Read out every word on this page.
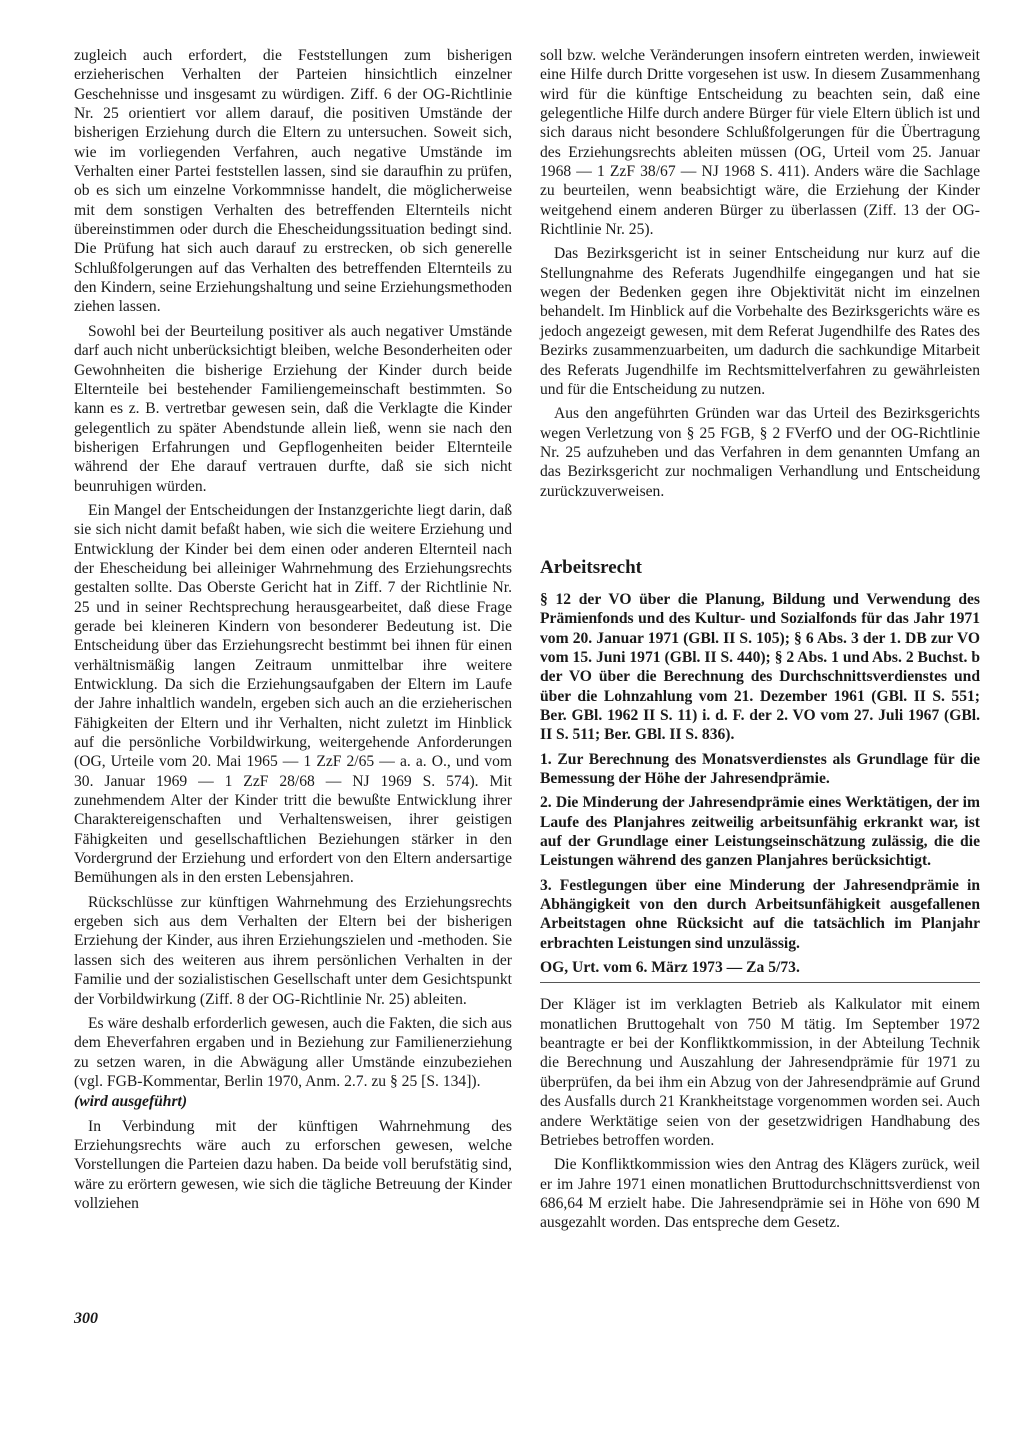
zugleich auch erfordert, die Feststellungen zum bisherigen erzieherischen Verhalten der Parteien hinsichtlich einzelner Geschehnisse und insgesamt zu würdigen. Ziff. 6 der OG-Richtlinie Nr. 25 orientiert vor allem darauf, die positiven Umstände der bisherigen Erziehung durch die Eltern zu untersuchen. Soweit sich, wie im vorliegenden Verfahren, auch negative Umstände im Verhalten einer Partei feststellen lassen, sind sie daraufhin zu prüfen, ob es sich um einzelne Vorkommnisse handelt, die möglicherweise mit dem sonstigen Verhalten des betreffenden Elternteils nicht übereinstimmen oder durch die Ehescheidungssituation bedingt sind. Die Prüfung hat sich auch darauf zu erstrecken, ob sich generelle Schlußfolgerungen auf das Verhalten des betreffenden Elternteils zu den Kindern, seine Erziehungshaltung und seine Erziehungsmethoden ziehen lassen.

Sowohl bei der Beurteilung positiver als auch negativer Umstände darf auch nicht unberücksichtigt bleiben, welche Besonderheiten oder Gewohnheiten die bisherige Erziehung der Kinder durch beide Elternteile bei bestehender Familiengemeinschaft bestimmten. So kann es z. B. vertretbar gewesen sein, daß die Verklagte die Kinder gelegentlich zu später Abendstunde allein ließ, wenn sie nach den bisherigen Erfahrungen und Gepflogenheiten beider Elternteile während der Ehe darauf vertrauen durfte, daß sie sich nicht beunruhigen würden.

Ein Mangel der Entscheidungen der Instanzgerichte liegt darin, daß sie sich nicht damit befaßt haben, wie sich die weitere Erziehung und Entwicklung der Kinder bei dem einen oder anderen Elternteil nach der Ehescheidung bei alleiniger Wahrnehmung des Erziehungsrechts gestalten sollte. Das Oberste Gericht hat in Ziff. 7 der Richtlinie Nr. 25 und in seiner Rechtsprechung herausgearbeitet, daß diese Frage gerade bei kleineren Kindern von besonderer Bedeutung ist. Die Entscheidung über das Erziehungsrecht bestimmt bei ihnen für einen verhältnismäßig langen Zeitraum unmittelbar ihre weitere Entwicklung. Da sich die Erziehungsaufgaben der Eltern im Laufe der Jahre inhaltlich wandeln, ergeben sich auch an die erzieherischen Fähigkeiten der Eltern und ihr Verhalten, nicht zuletzt im Hinblick auf die persönliche Vorbildwirkung, weitergehende Anforderungen (OG, Urteile vom 20. Mai 1965 — 1 ZzF 2/65 — a. a. O., und vom 30. Januar 1969 — 1 ZzF 28/68 — NJ 1969 S. 574). Mit zunehmendem Alter der Kinder tritt die bewußte Entwicklung ihrer Charaktereigenschaften und Verhaltensweisen, ihrer geistigen Fähigkeiten und gesellschaftlichen Beziehungen stärker in den Vordergrund der Erziehung und erfordert von den Eltern andersartige Bemühungen als in den ersten Lebensjahren.

Rückschlüsse zur künftigen Wahrnehmung des Erziehungsrechts ergeben sich aus dem Verhalten der Eltern bei der bisherigen Erziehung der Kinder, aus ihren Erziehungszielen und -methoden. Sie lassen sich des weiteren aus ihrem persönlichen Verhalten in der Familie und der sozialistischen Gesellschaft unter dem Gesichtspunkt der Vorbildwirkung (Ziff. 8 der OG-Richtlinie Nr. 25) ableiten.

Es wäre deshalb erforderlich gewesen, auch die Fakten, die sich aus dem Eheverfahren ergaben und in Beziehung zur Familienerziehung zu setzen waren, in die Abwägung aller Umstände einzubeziehen (vgl. FGB-Kommentar, Berlin 1970, Anm. 2.7. zu § 25 [S. 134]).

(wird ausgeführt)

In Verbindung mit der künftigen Wahrnehmung des Erziehungsrechts wäre auch zu erforschen gewesen, welche Vorstellungen die Parteien dazu haben. Da beide voll berufstätig sind, wäre zu erörtern gewesen, wie sich die tägliche Betreuung der Kinder vollziehen

soll bzw. welche Veränderungen insofern eintreten werden, inwieweit eine Hilfe durch Dritte vorgesehen ist usw. In diesem Zusammenhang wird für die künftige Entscheidung zu beachten sein, daß eine gelegentliche Hilfe durch andere Bürger für viele Eltern üblich ist und sich daraus nicht besondere Schlußfolgerungen für die Übertragung des Erziehungsrechts ableiten müssen (OG, Urteil vom 25. Januar 1968 — 1 ZzF 38/67 — NJ 1968 S. 411). Anders wäre die Sachlage zu beurteilen, wenn beabsichtigt wäre, die Erziehung der Kinder weitgehend einem anderen Bürger zu überlassen (Ziff. 13 der OG-Richtlinie Nr. 25).

Das Bezirksgericht ist in seiner Entscheidung nur kurz auf die Stellungnahme des Referats Jugendhilfe eingegangen und hat sie wegen der Bedenken gegen ihre Objektivität nicht im einzelnen behandelt. Im Hinblick auf die Vorbehalte des Bezirksgerichts wäre es jedoch angezeigt gewesen, mit dem Referat Jugendhilfe des Rates des Bezirks zusammenzuarbeiten, um dadurch die sachkundige Mitarbeit des Referats Jugendhilfe im Rechtsmittelverfahren zu gewährleisten und für die Entscheidung zu nutzen.

Aus den angeführten Gründen war das Urteil des Bezirksgerichts wegen Verletzung von § 25 FGB, § 2 FVerfO und der OG-Richtlinie Nr. 25 aufzuheben und das Verfahren in dem genannten Umfang an das Bezirksgericht zur nochmaligen Verhandlung und Entscheidung zurückzuverweisen.

Arbeitsrecht

§ 12 der VO über die Planung, Bildung und Verwendung des Prämienfonds und des Kultur- und Sozialfonds für das Jahr 1971 vom 20. Januar 1971 (GBl. II S. 105); § 6 Abs. 3 der 1. DB zur VO vom 15. Juni 1971 (GBl. II S. 440); § 2 Abs. 1 und Abs. 2 Buchst. b der VO über die Berechnung des Durchschnittsverdienstes und über die Lohnzahlung vom 21. Dezember 1961 (GBl. II S. 551; Ber. GBl. 1962 II S. 11) i. d. F. der 2. VO vom 27. Juli 1967 (GBl. II S. 511; Ber. GBl. II S. 836).

1. Zur Berechnung des Monatsverdienstes als Grundlage für die Bemessung der Höhe der Jahresendprämie.

2. Die Minderung der Jahresendprämie eines Werktätigen, der im Laufe des Planjahres zeitweilig arbeitsunfähig erkrankt war, ist auf der Grundlage einer Leistungseinschätzung zulässig, die die Leistungen während des ganzen Planjahres berücksichtigt.

3. Festlegungen über eine Minderung der Jahresendprämie in Abhängigkeit von den durch Arbeitsunfähigkeit ausgefallenen Arbeitstagen ohne Rücksicht auf die tatsächlich im Planjahr erbrachten Leistungen sind unzulässig.

OG, Urt. vom 6. März 1973 — Za 5/73.

Der Kläger ist im verklagten Betrieb als Kalkulator mit einem monatlichen Bruttogehalt von 750 M tätig. Im September 1972 beantragte er bei der Konfliktkommission, in der Abteilung Technik die Berechnung und Auszahlung der Jahresendprämie für 1971 zu überprüfen, da bei ihm ein Abzug von der Jahresendprämie auf Grund des Ausfalls durch 21 Krankheitstage vorgenommen worden sei. Auch andere Werktätige seien von der gesetzwidrigen Handhabung des Betriebes betroffen worden.

Die Konfliktkommission wies den Antrag des Klägers zurück, weil er im Jahre 1971 einen monatlichen Bruttodurchschnittsverdienst von 686,64 M erzielt habe. Die Jahresendprämie sei in Höhe von 690 M ausgezahlt worden. Das entspreche dem Gesetz.

300
